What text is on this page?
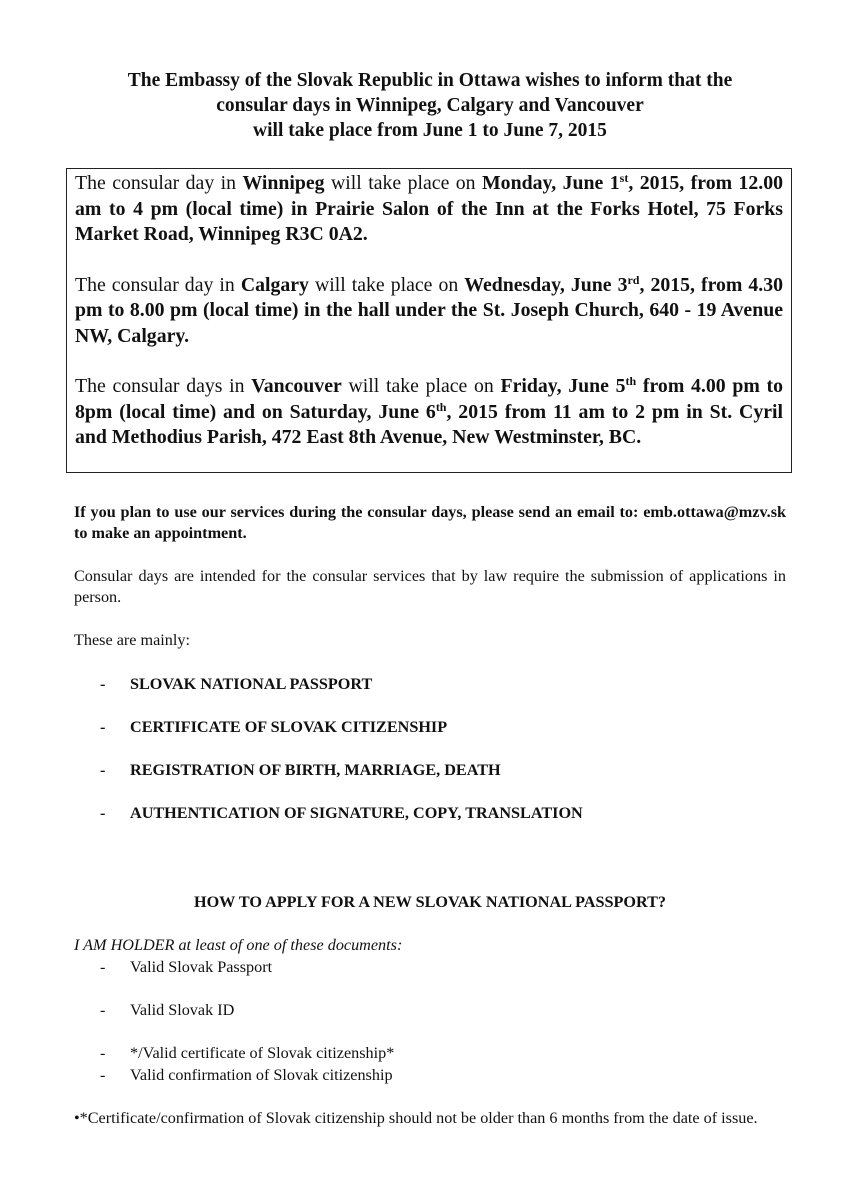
The Embassy of the Slovak Republic in Ottawa wishes to inform that the
consular days in Winnipeg, Calgary and Vancouver
will take place from June 1 to June 7, 2015

The consular day in Winnipeg will take place on Monday, June 1st, 2015, from 12.00 am to 4 pm (local time) in Prairie Salon of the Inn at the Forks Hotel, 75 Forks Market Road, Winnipeg R3C 0A2.

The consular day in Calgary will take place on Wednesday, June 3rd, 2015, from 4.30 pm to 8.00 pm (local time) in the hall under the St. Joseph Church, 640 - 19 Avenue NW, Calgary.

The consular days in Vancouver will take place on Friday, June 5th from 4.00 pm to 8pm (local time) and on Saturday, June 6th, 2015 from 11 am to 2 pm in St. Cyril and Methodius Parish, 472 East 8th Avenue, New Westminster, BC.

If you plan to use our services during the consular days, please send an email to: emb.ottawa@mzv.sk to make an appointment.

Consular days are intended for the consular services that by law require the submission of applications in person.

These are mainly:

- SLOVAK NATIONAL PASSPORT
- CERTIFICATE OF SLOVAK CITIZENSHIP
- REGISTRATION OF BIRTH, MARRIAGE, DEATH
- AUTHENTICATION OF SIGNATURE, COPY, TRANSLATION
HOW TO APPLY FOR A NEW SLOVAK NATIONAL PASSPORT?
I AM HOLDER at least of one of these documents:
- Valid Slovak Passport
- Valid Slovak ID
- */Valid certificate of Slovak citizenship*
- Valid confirmation of Slovak citizenship

•*Certificate/confirmation of Slovak citizenship should not be older than 6 months from the date of issue.
